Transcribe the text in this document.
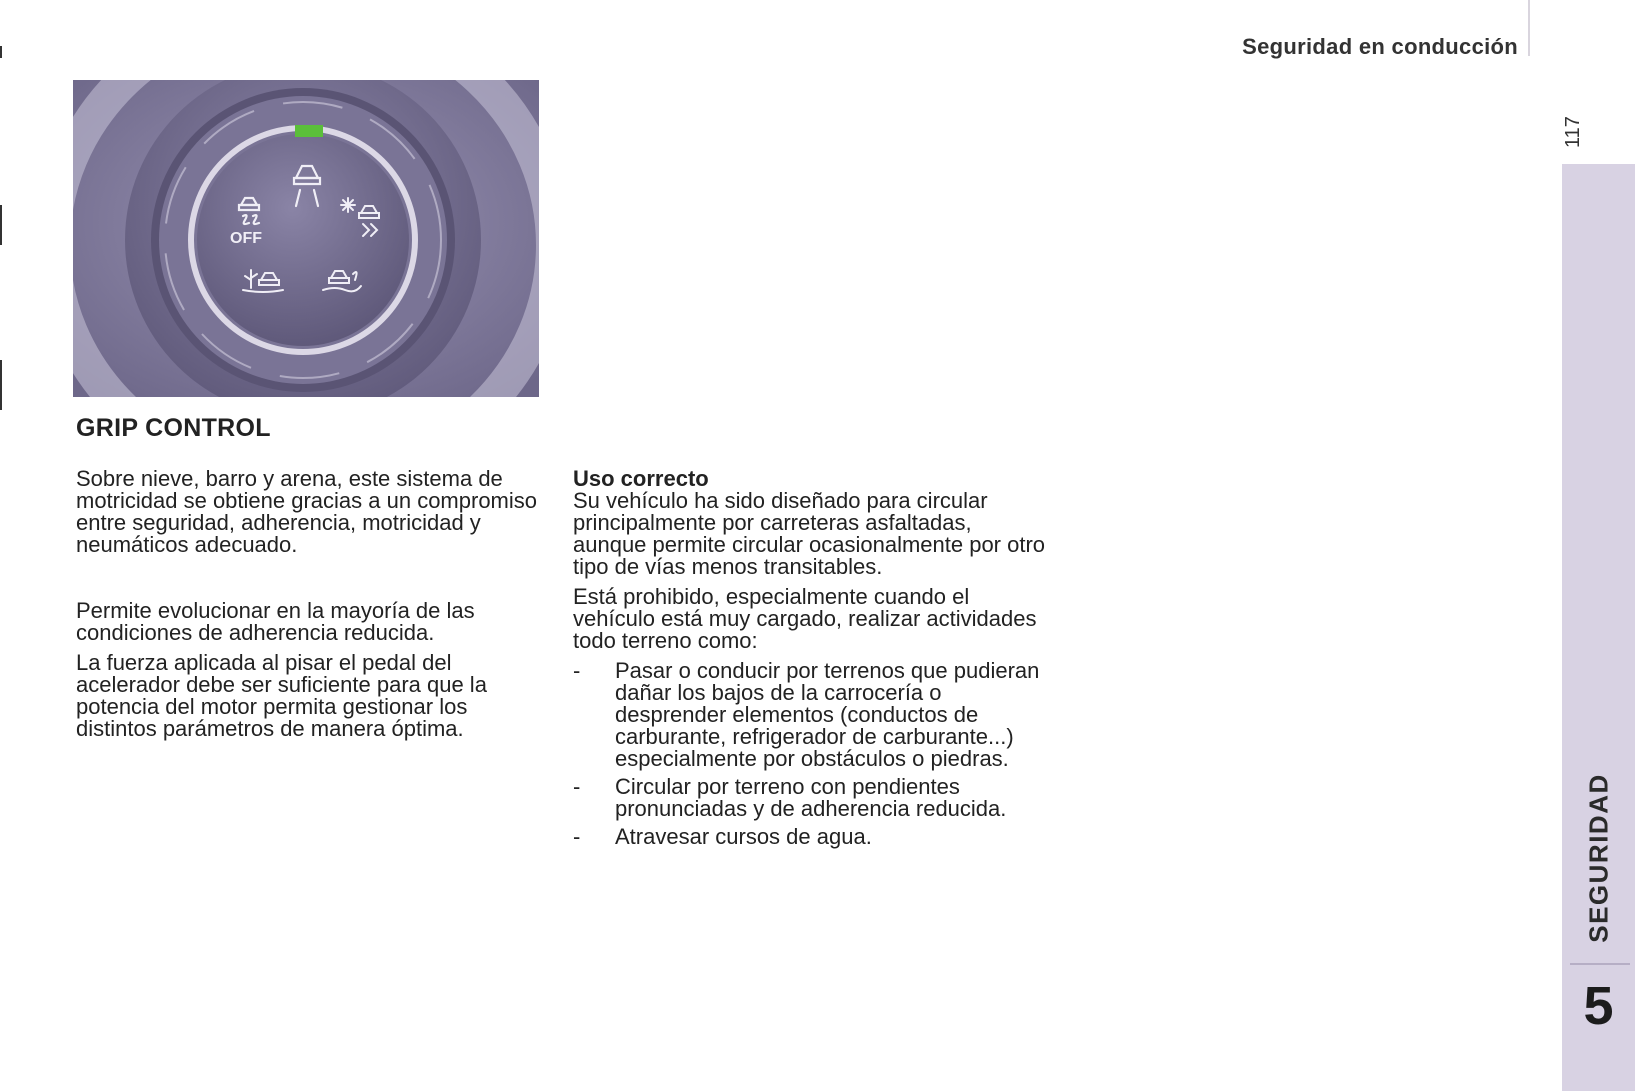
Seguridad en conducción
117
SEGURIDAD
5
OFF
GRIP CONTROL

Sobre nieve, barro y arena, este sistema de motricidad se obtiene gracias a un compromiso entre seguridad, adherencia, motricidad y neumáticos adecuado.

Permite evolucionar en la mayoría de las condiciones de adherencia reducida.

La fuerza aplicada al pisar el pedal del acelerador debe ser suficiente para que la potencia del motor permita gestionar los distintos parámetros de manera óptima.

Uso correcto

Su vehículo ha sido diseñado para circular principalmente por carreteras asfaltadas, aunque permite circular ocasionalmente por otro tipo de vías menos transitables.

Está prohibido, especialmente cuando el vehículo está muy cargado, realizar actividades todo terreno como:

- Pasar o conducir por terrenos que pudieran dañar los bajos de la carrocería o desprender elementos (conductos de carburante, refrigerador de carburante...) especialmente por obstáculos o piedras.
- Circular por terreno con pendientes pronunciadas y de adherencia reducida.
- Atravesar cursos de agua.
